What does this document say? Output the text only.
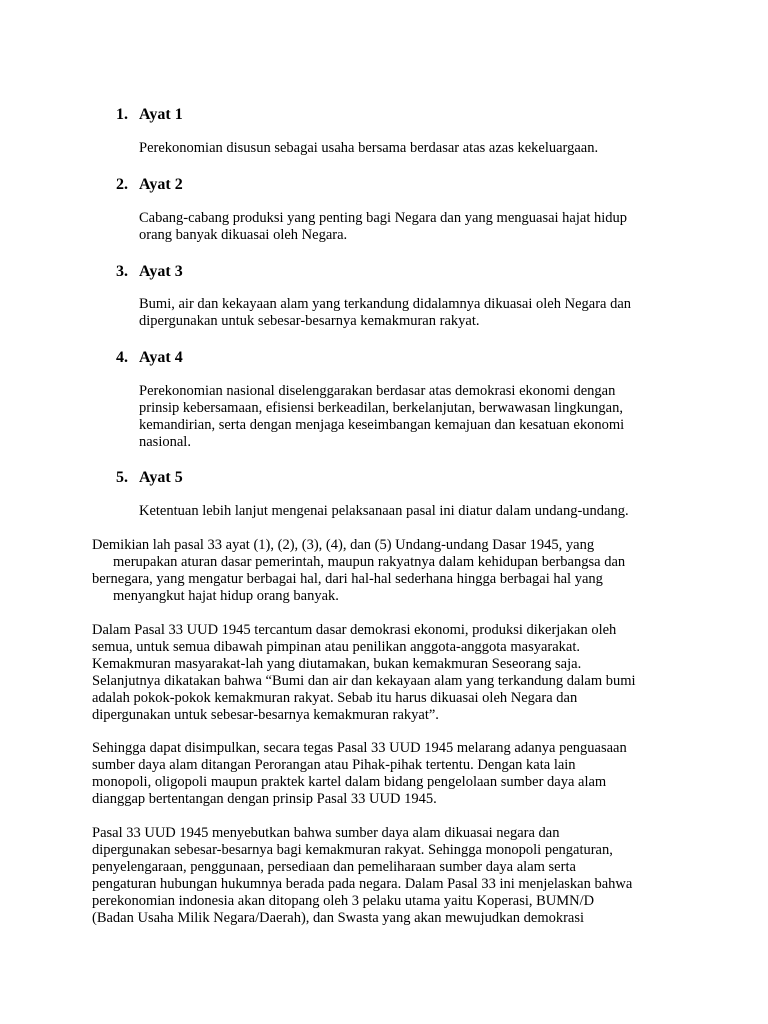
1. Ayat 1
Perekonomian disusun sebagai usaha bersama berdasar atas azas kekeluargaan.
2. Ayat 2
Cabang-cabang produksi yang penting bagi Negara dan yang menguasai hajat hidup
orang banyak dikuasai oleh Negara.
3. Ayat 3
Bumi, air dan kekayaan alam yang terkandung didalamnya dikuasai oleh Negara dan
dipergunakan untuk sebesar-besarnya kemakmuran rakyat.
4. Ayat 4
Perekonomian nasional diselenggarakan berdasar atas demokrasi ekonomi dengan
prinsip kebersamaan, efisiensi berkeadilan, berkelanjutan, berwawasan lingkungan,
kemandirian, serta dengan menjaga keseimbangan kemajuan dan kesatuan ekonomi
nasional.
5. Ayat 5
Ketentuan lebih lanjut mengenai pelaksanaan pasal ini diatur dalam undang-undang.
Demikian lah pasal 33 ayat (1), (2), (3), (4), dan (5) Undang-undang Dasar 1945, yang
merupakan aturan dasar pemerintah, maupun rakyatnya dalam kehidupan berbangsa dan
bernegara, yang mengatur berbagai hal, dari hal-hal sederhana hingga berbagai hal yang
menyangkut hajat hidup orang banyak.
Dalam Pasal 33 UUD 1945 tercantum dasar demokrasi ekonomi, produksi dikerjakan oleh
semua, untuk semua dibawah pimpinan atau penilikan anggota-anggota masyarakat.
Kemakmuran masyarakat-lah yang diutamakan, bukan kemakmuran Seseorang saja.
Selanjutnya dikatakan bahwa “Bumi dan air dan kekayaan alam yang terkandung dalam bumi
adalah pokok-pokok kemakmuran rakyat. Sebab itu harus dikuasai oleh Negara dan
dipergunakan untuk sebesar-besarnya kemakmuran rakyat”.
Sehingga dapat disimpulkan, secara tegas Pasal 33 UUD 1945 melarang adanya penguasaan
sumber daya alam ditangan Perorangan atau Pihak-pihak tertentu. Dengan kata lain
monopoli, oligopoli maupun praktek kartel dalam bidang pengelolaan sumber daya alam
dianggap bertentangan dengan prinsip Pasal 33 UUD 1945.
Pasal 33 UUD 1945 menyebutkan bahwa sumber daya alam dikuasai negara dan
dipergunakan sebesar-besarnya bagi kemakmuran rakyat. Sehingga monopoli pengaturan,
penyelengaraan, penggunaan, persediaan dan pemeliharaan sumber daya alam serta
pengaturan hubungan hukumnya berada pada negara. Dalam Pasal 33 ini menjelaskan bahwa
perekonomian indonesia akan ditopang oleh 3 pelaku utama yaitu Koperasi, BUMN/D
(Badan Usaha Milik Negara/Daerah), dan Swasta yang akan mewujudkan demokrasi
